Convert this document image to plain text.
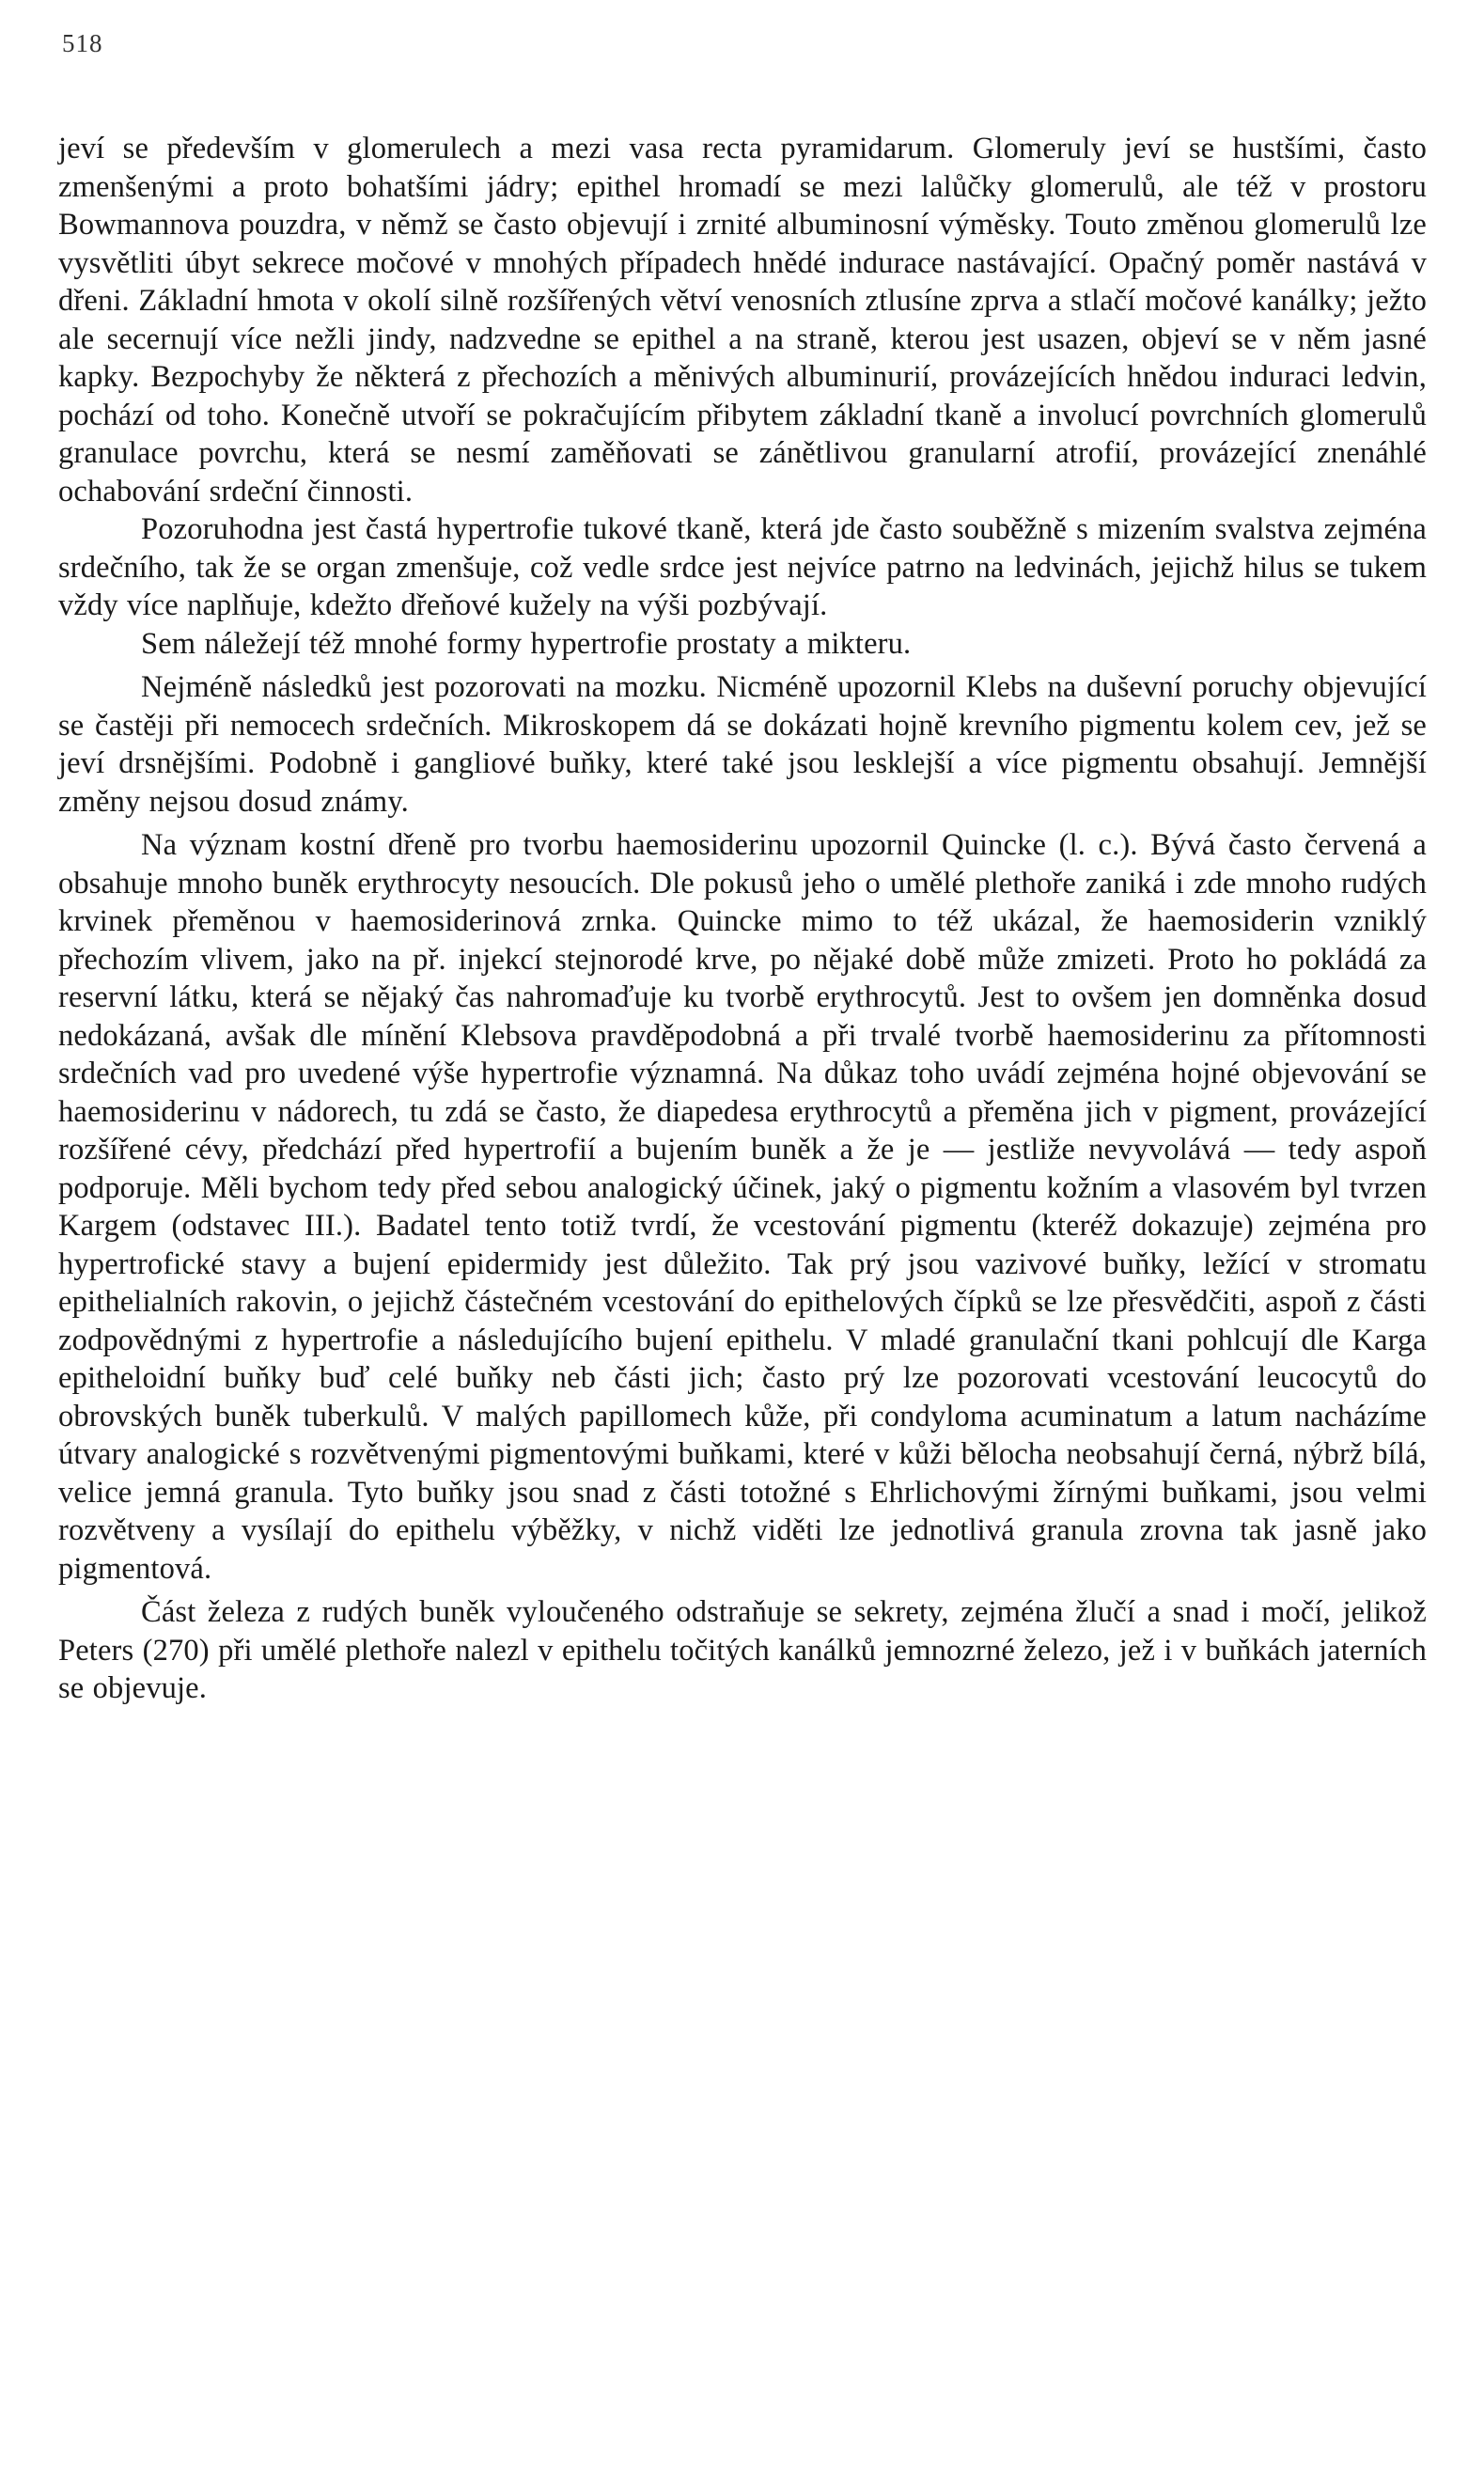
518

jeví se především v glomerulech a mezi vasa recta pyramidarum. Glomeruly jeví se hustšími, často zmenšenými a proto bohatšími jádry; epithel hromadí se mezi lalůčky glomerulů, ale též v prostoru Bowmannova pouzdra, v němž se často objevují i zrnité albuminosní výměsky. Touto změnou glomerulů lze vysvětliti úbyt sekrece močové v mnohých případech hnědé indurace nastávající. Opačný poměr nastává v dřeni. Základní hmota v okolí silně rozšířených větví venosních ztlusíne zprva a stlačí močové kanálky; ježto ale secernují více nežli jindy, nadzvedne se epithel a na straně, kterou jest usazen, objeví se v něm jasné kapky. Bezpochyby že některá z přechozích a měnivých albuminurií, provázejících hnědou induraci ledvin, pochází od toho. Konečně utvoří se pokračujícím přibytem základní tkaně a involucí povrchních glomerulů granulace povrchu, která se nesmí zaměňovati se zánětlivou granularní atrofií, provázející znenáhlé ochabování srdeční činnosti.

Pozoruhodna jest častá hypertrofie tukové tkaně, která jde často souběžně s mizením svalstva zejména srdečního, tak že se organ zmenšuje, což vedle srdce jest nejvíce patrno na ledvinách, jejichž hilus se tukem vždy více naplňuje, kdežto dřeňové kužely na výši pozbývají.

Sem náležejí též mnohé formy hypertrofie prostaty a mikteru.

Nejméně následků jest pozorovati na mozku. Nicméně upozornil Klebs na duševní poruchy objevující se častěji při nemocech srdečních. Mikroskopem dá se dokázati hojně krevního pigmentu kolem cev, jež se jeví drsnějšími. Podobně i gangliové buňky, které také jsou lesklejší a více pigmentu obsahují. Jemnější změny nejsou dosud známy.

Na význam kostní dřeně pro tvorbu haemosiderinu upozornil Quincke (l. c.). Bývá často červená a obsahuje mnoho buněk erythrocyty nesoucích. Dle pokusů jeho o umělé plethoře zaniká i zde mnoho rudých krvinek přeměnou v haemosiderinová zrnka. Quincke mimo to též ukázal, že haemosiderin vzniklý přechozím vlivem, jako na př. injekcí stejnorodé krve, po nějaké době může zmizeti. Proto ho pokládá za reservní látku, která se nějaký čas nahromaďuje ku tvorbě erythrocytů. Jest to ovšem jen domněnka dosud nedokázaná, avšak dle mínění Klebsova pravděpodobná a při trvalé tvorbě haemosiderinu za přítomnosti srdečních vad pro uvedené výše hypertrofie významná. Na důkaz toho uvádí zejména hojné objevování se haemosiderinu v nádorech, tu zdá se často, že diapedesa erythrocytů a přeměna jich v pigment, provázející rozšířené cévy, předchází před hypertrofií a bujením buněk a že je — jestliže nevyvolává — tedy aspoň podporuje. Měli bychom tedy před sebou analogický účinek, jaký o pigmentu kožním a vlasovém byl tvrzen Kargem (odstavec III.). Badatel tento totiž tvrdí, že vcestování pigmentu (kteréž dokazuje) zejména pro hypertrofické stavy a bujení epidermidy jest důležito. Tak prý jsou vazivové buňky, ležící v stromatu epithelialních rakovin, o jejichž částečném vcestování do epithelových čípků se lze přesvědčiti, aspoň z části zodpovědnými z hypertrofie a následujícího bujení epithelu. V mladé granulační tkani pohlcují dle Karga epitheloidní buňky buď celé buňky neb části jich; často prý lze pozorovati vcestování leucocytů do obrovských buněk tuberkulů. V malých papillomech kůže, při condyloma acuminatum a latum nacházíme útvary analogické s rozvětvenými pigmentovými buňkami, které v kůži bělocha neobsahují černá, nýbrž bílá, velice jemná granula. Tyto buňky jsou snad z části totožné s Ehrlichovými žírnými buňkami, jsou velmi rozvětveny a vysílají do epithelu výběžky, v nichž viděti lze jednotlivá granula zrovna tak jasně jako pigmentová.

Část železa z rudých buněk vyloučeného odstraňuje se sekrety, zejména žlučí a snad i močí, jelikož Peters (270) při umělé plethoře nalezl v epithelu točitých kanálků jemnozrné železo, jež i v buňkách jaterních se objevuje.
